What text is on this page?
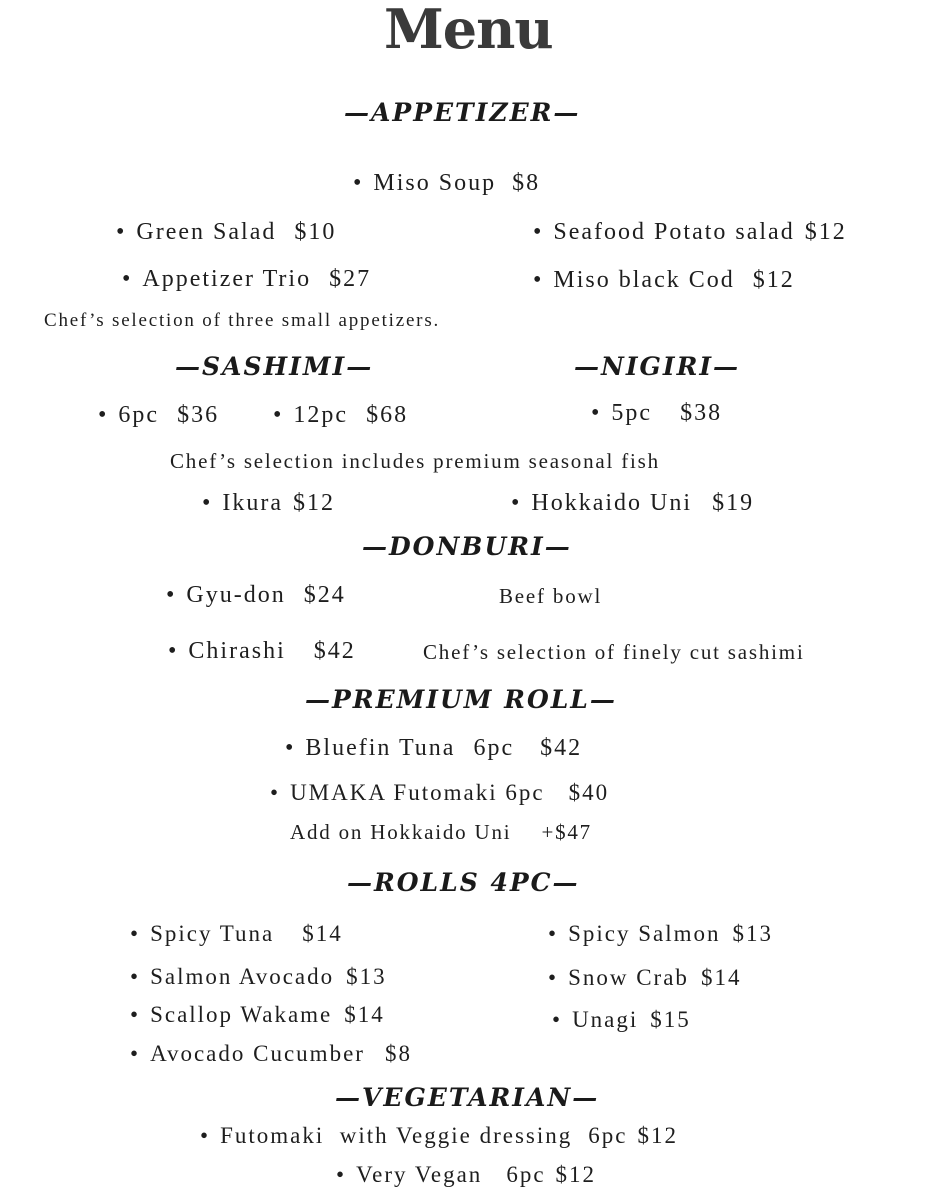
Menu
—APPETIZER—
• Miso Soup $8
• Green Salad $10	• Seafood Potato salad $12
• Appetizer Trio $27	• Miso black Cod $12
Chef’s selection of three small appetizers.
—SASHIMI—	—NIGIRI—
• 6pc $36 • 12pc $68	• 5pc $38
Chef’s selection includes premium seasonal fish
• Ikura $12	• Hokkaido Uni $19
—DONBURI—
• Gyu-don $24	Beef bowl
• Chirashi $42	Chef’s selection of finely cut sashimi
—PREMIUM ROLL—
• Bluefin Tuna 6pc $42
• UMAKA Futomaki 6pc $40
Add on Hokkaido Uni +$47
—ROLLS 4PC—
• Spicy Tuna $14	• Spicy Salmon $13
• Salmon Avocado $13	• Snow Crab $14
• Scallop Wakame $14	• Unagi $15
• Avocado Cucumber $8
—VEGETARIAN—
• Futomaki  with Veggie dressing 6pc $12
• Very Vegan 6pc $12
